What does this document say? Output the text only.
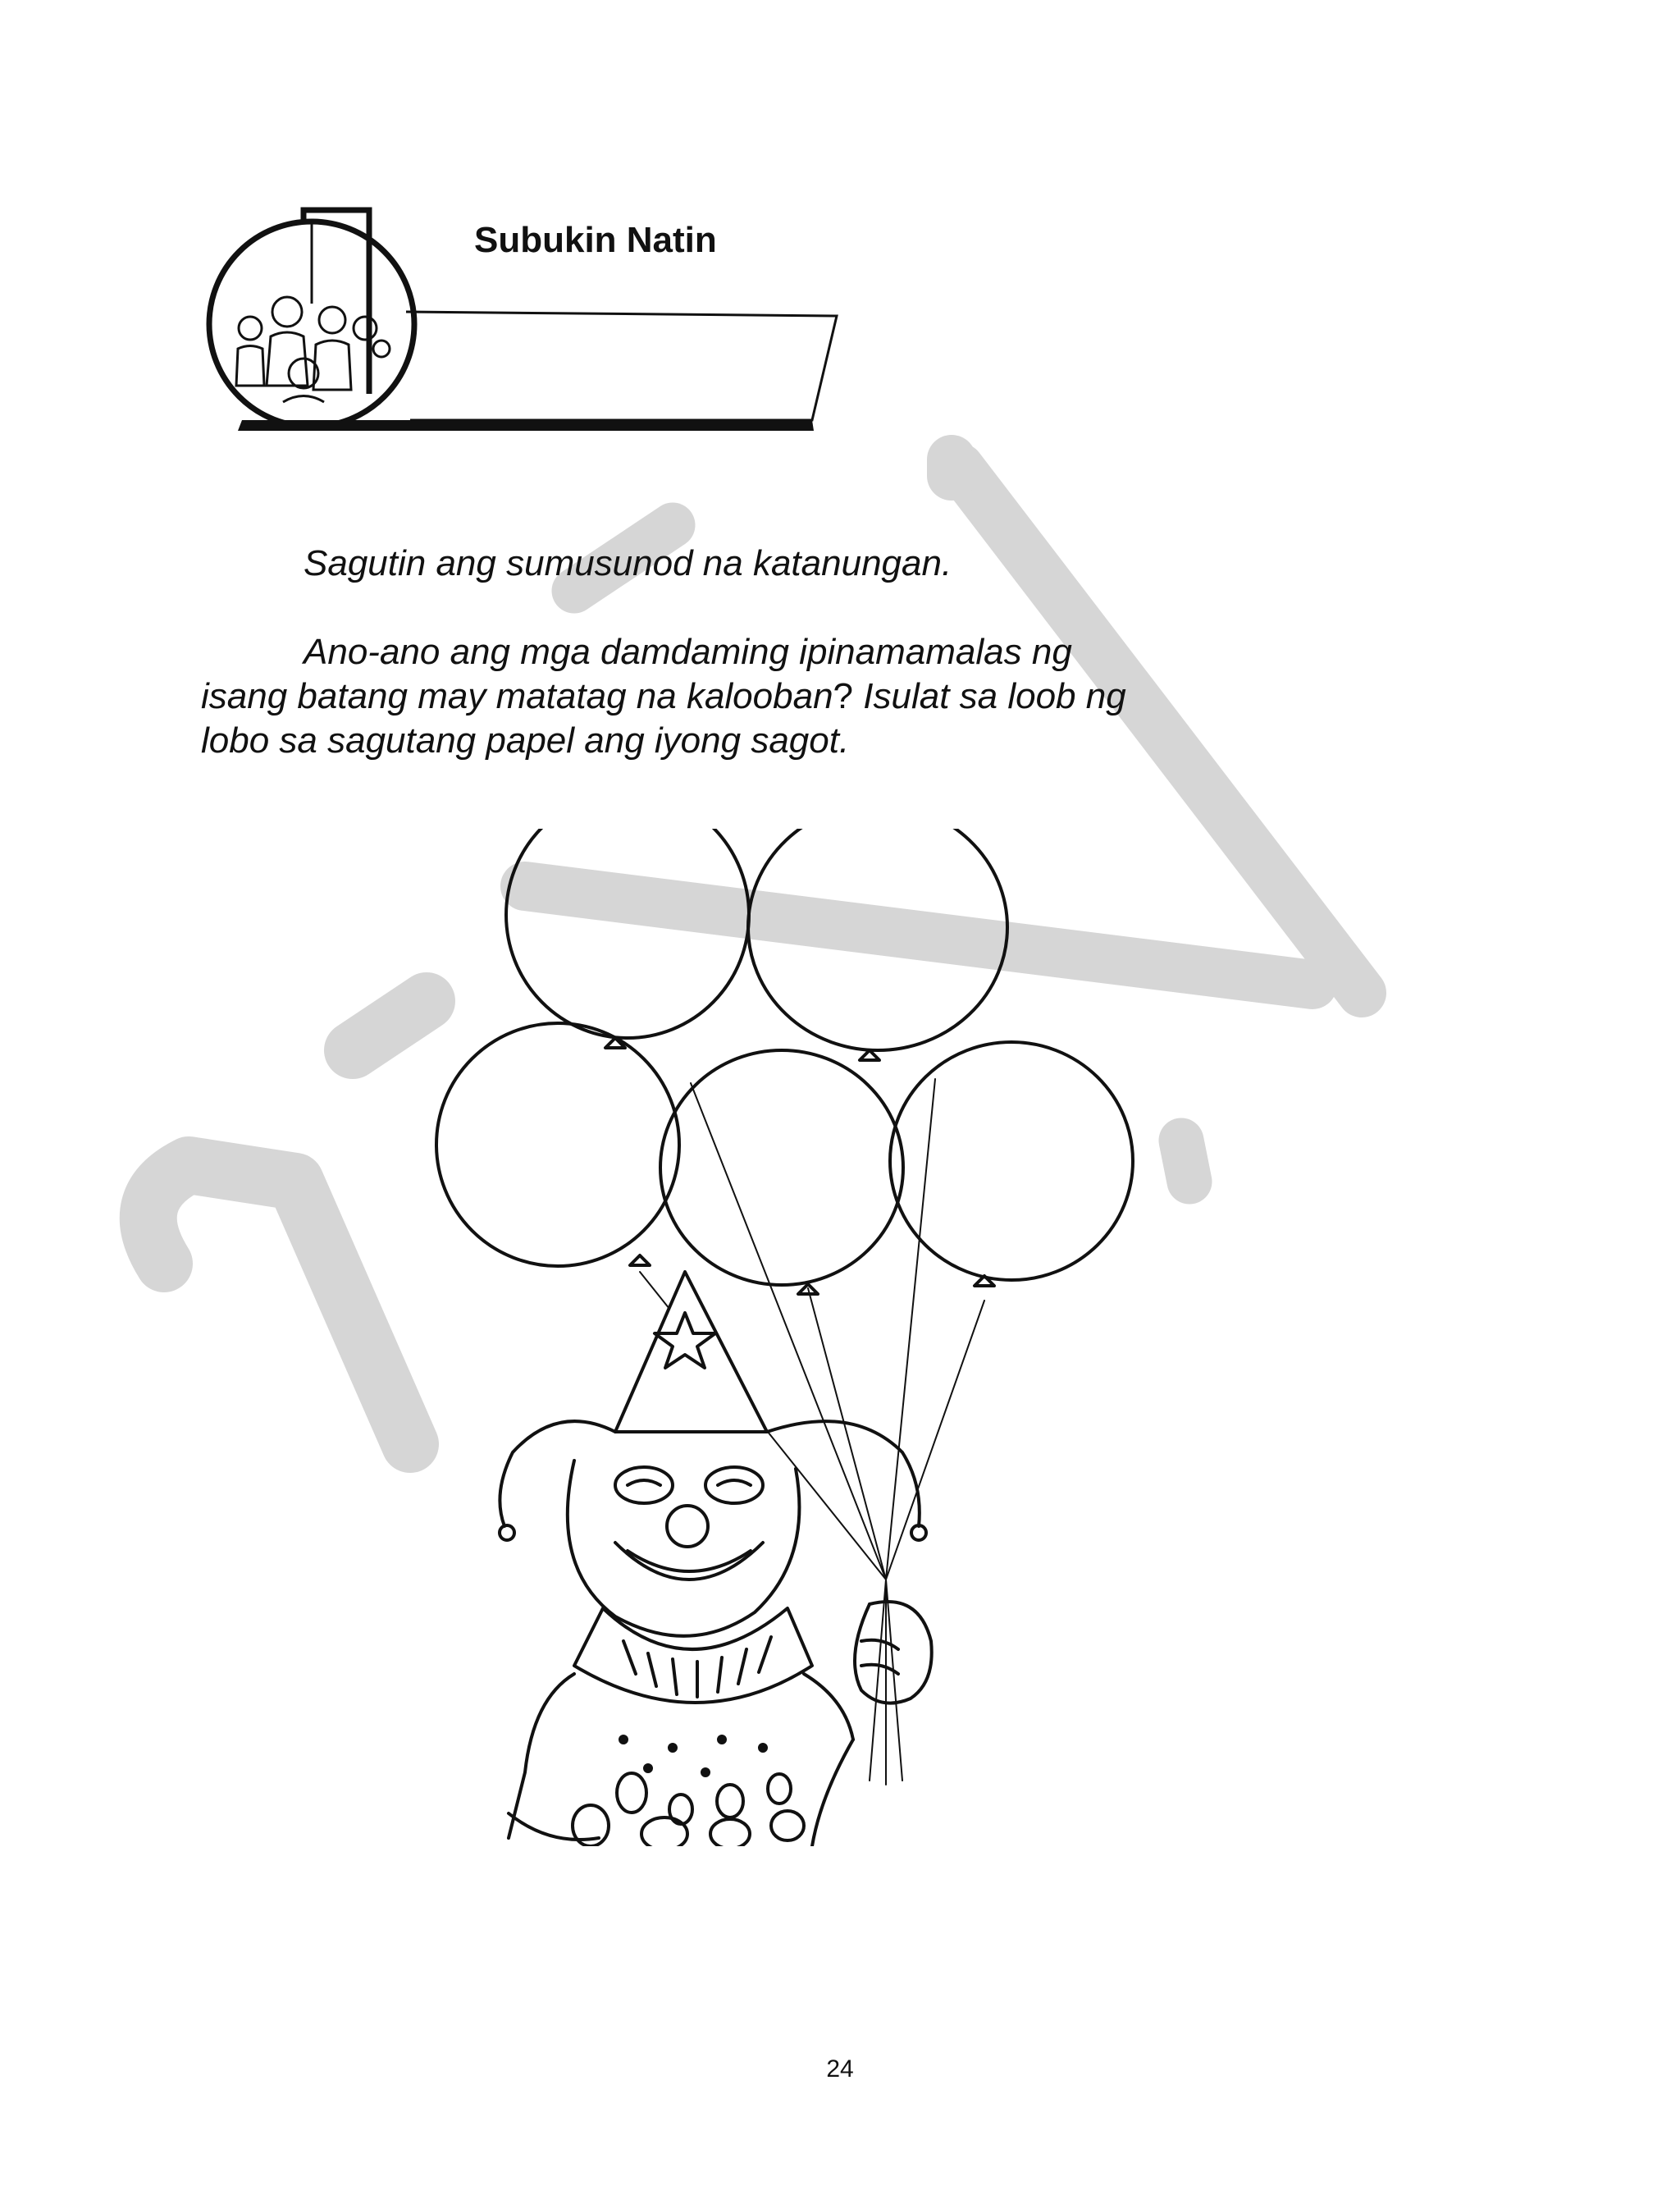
Subukin Natin
Sagutin ang sumusunod na katanungan.
Ano-ano ang mga damdaming ipinamamalas ng
isang batang may matatag na kalooban? Isulat sa loob ng
lobo sa sagutang papel ang iyong sagot.
24
